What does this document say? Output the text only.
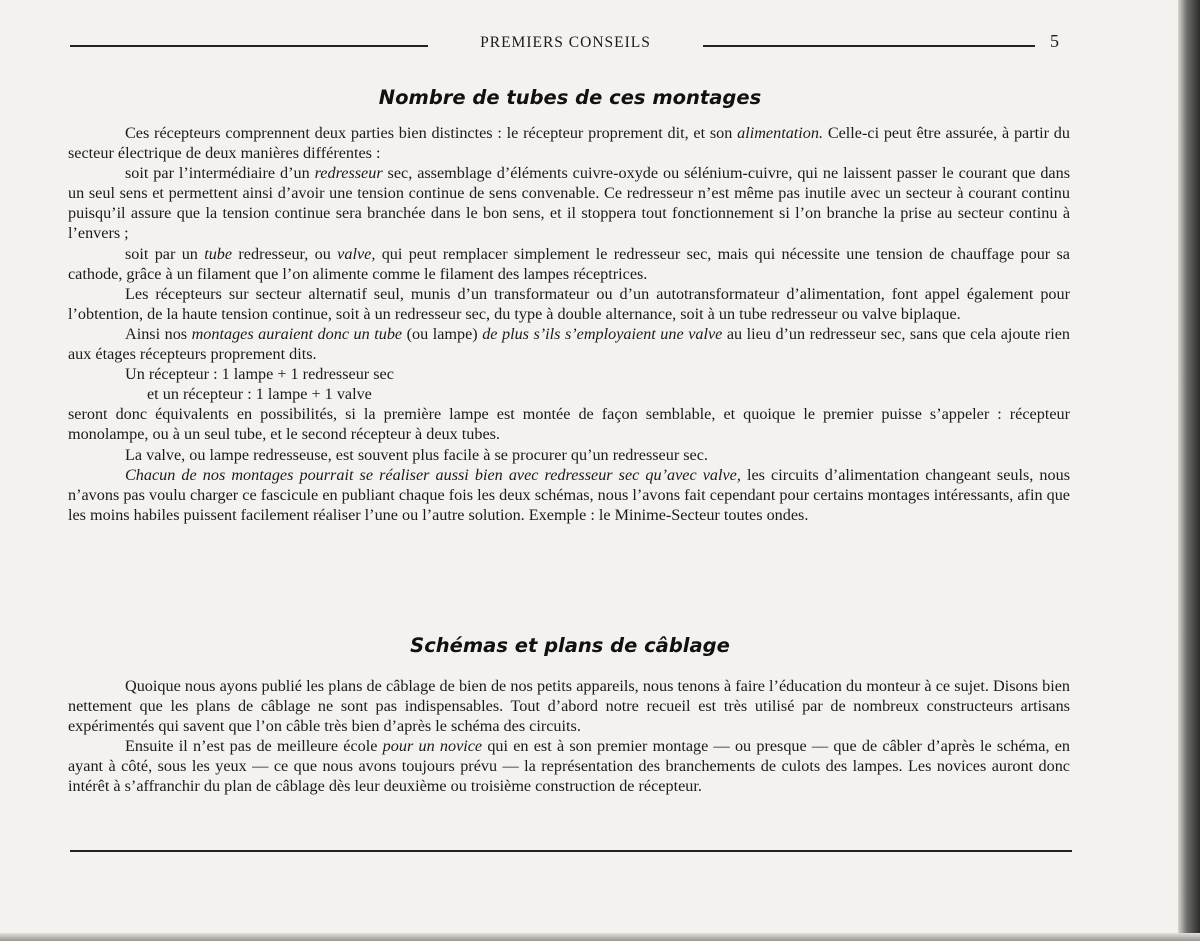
PREMIERS CONSEILS	5
Nombre de tubes de ces montages

Ces récepteurs comprennent deux parties bien distinctes : le récepteur proprement dit, et son alimentation. Celle-ci peut être assurée, à partir du secteur électrique de deux manières différentes :

soit par l’intermédiaire d’un redresseur sec, assemblage d’éléments cuivre-oxyde ou sélénium-cuivre, qui ne laissent passer le courant que dans un seul sens et permettent ainsi d’avoir une tension continue de sens convenable. Ce redresseur n’est même pas inutile avec un secteur à courant continu puisqu’il assure que la tension continue sera branchée dans le bon sens, et il stoppera tout fonctionnement si l’on branche la prise au secteur continu à l’envers ;

soit par un tube redresseur, ou valve, qui peut remplacer simplement le redresseur sec, mais qui nécessite une tension de chauffage pour sa cathode, grâce à un filament que l’on alimente comme le filament des lampes réceptrices.

Les récepteurs sur secteur alternatif seul, munis d’un transformateur ou d’un autotransformateur d’alimentation, font appel également pour l’obtention, de la haute tension continue, soit à un redresseur sec, du type à double alternance, soit à un tube redresseur ou valve biplaque.

Ainsi nos montages auraient donc un tube (ou lampe) de plus s’ils s’employaient une valve au lieu d’un redresseur sec, sans que cela ajoute rien aux étages récepteurs proprement dits.

Un récepteur : 1 lampe + 1 redresseur sec

et un récepteur : 1 lampe + 1 valve

seront donc équivalents en possibilités, si la première lampe est montée de façon semblable, et quoique le premier puisse s’appeler : récepteur monolampe, ou à un seul tube, et le second récepteur à deux tubes.

La valve, ou lampe redresseuse, est souvent plus facile à se procurer qu’un redresseur sec.

Chacun de nos montages pourrait se réaliser aussi bien avec redresseur sec qu’avec valve, les circuits d’alimentation changeant seuls, nous n’avons pas voulu charger ce fascicule en publiant chaque fois les deux schémas, nous l’avons fait cependant pour certains montages intéressants, afin que les moins habiles puissent facilement réaliser l’une ou l’autre solution. Exemple : le Minime-Secteur toutes ondes.

Schémas et plans de câblage

Quoique nous ayons publié les plans de câblage de bien de nos petits appareils, nous tenons à faire l’éducation du monteur à ce sujet. Disons bien nettement que les plans de câblage ne sont pas indispensables. Tout d’abord notre recueil est très utilisé par de nombreux constructeurs artisans expérimentés qui savent que l’on câble très bien d’après le schéma des circuits.

Ensuite il n’est pas de meilleure école pour un novice qui en est à son premier montage — ou presque — que de câbler d’après le schéma, en ayant à côté, sous les yeux — ce que nous avons toujours prévu — la représentation des branchements de culots des lampes. Les novices auront donc intérêt à s’affranchir du plan de câblage dès leur deuxième ou troisième construction de récepteur.
